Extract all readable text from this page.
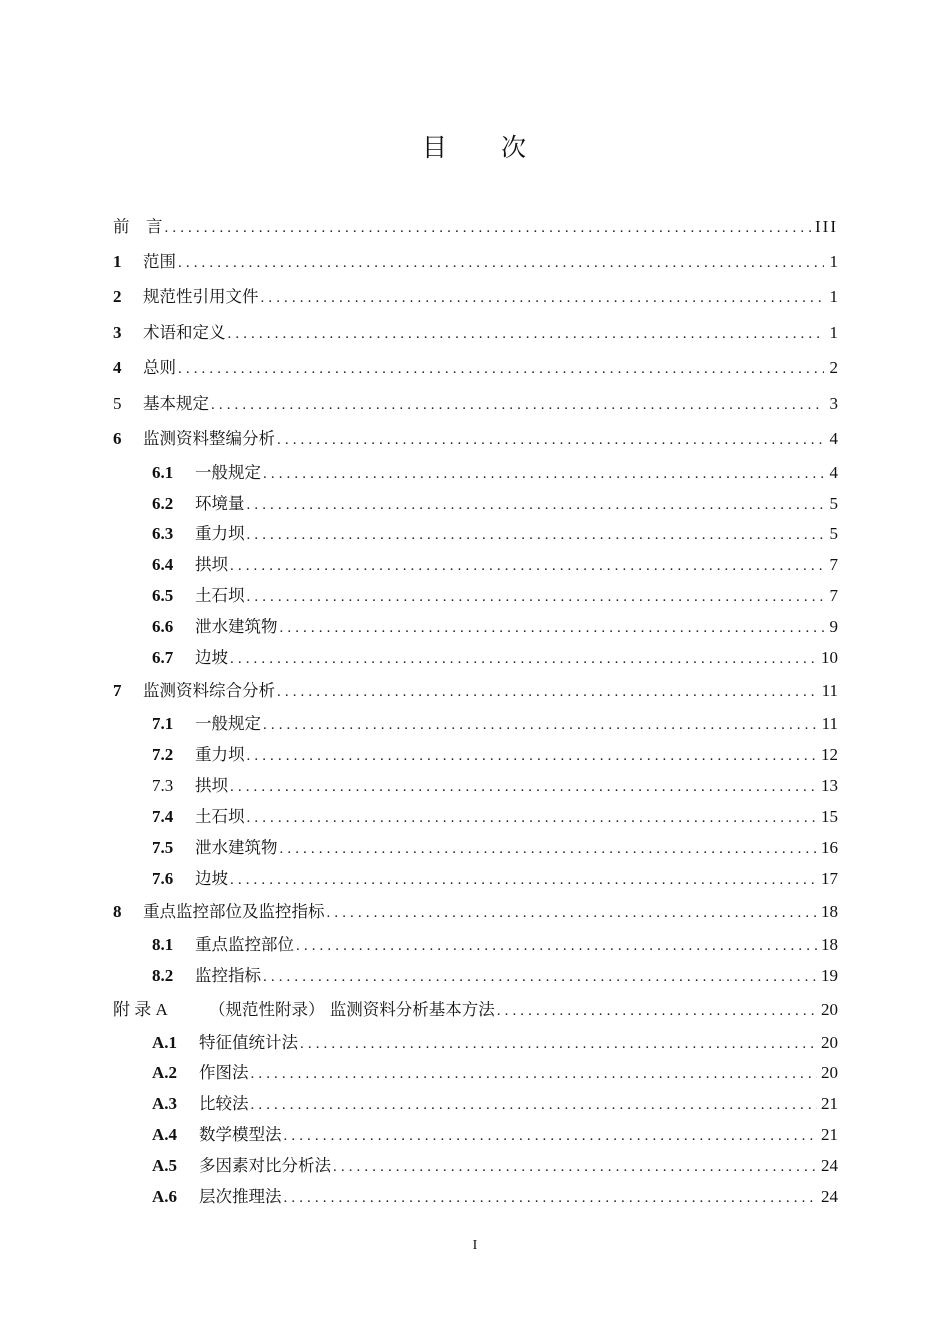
目 次
前　言 .....	III
1	范围 .....	1
2	规范性引用文件 .....	1
3	术语和定义 .....	1
4	总则 .....	2
5	基本规定 .....	3
6	监测资料整编分析 .....	4
6.1	一般规定 .....	4
6.2	环境量 .....	5
6.3	重力坝 .....	5
6.4	拱坝 .....	7
6.5	土石坝 .....	7
6.6	泄水建筑物 .....	9
6.7	边坡 .....	10
7	监测资料综合分析 .....	11
7.1	一般规定 .....	11
7.2	重力坝 .....	12
7.3	拱坝 .....	13
7.4	土石坝 .....	15
7.5	泄水建筑物 .....	16
7.6	边坡 .....	17
8	重点监控部位及监控指标 .....	18
8.1	重点监控部位 .....	18
8.2	监控指标 .....	19
附 录 A	（规范性附录） 监测资料分析基本方法 .....	20
A.1	特征值统计法 .....	20
A.2	作图法 .....	20
A.3	比较法 .....	21
A.4	数学模型法 .....	21
A.5	多因素对比分析法 .....	24
A.6	层次推理法 .....	24
I
